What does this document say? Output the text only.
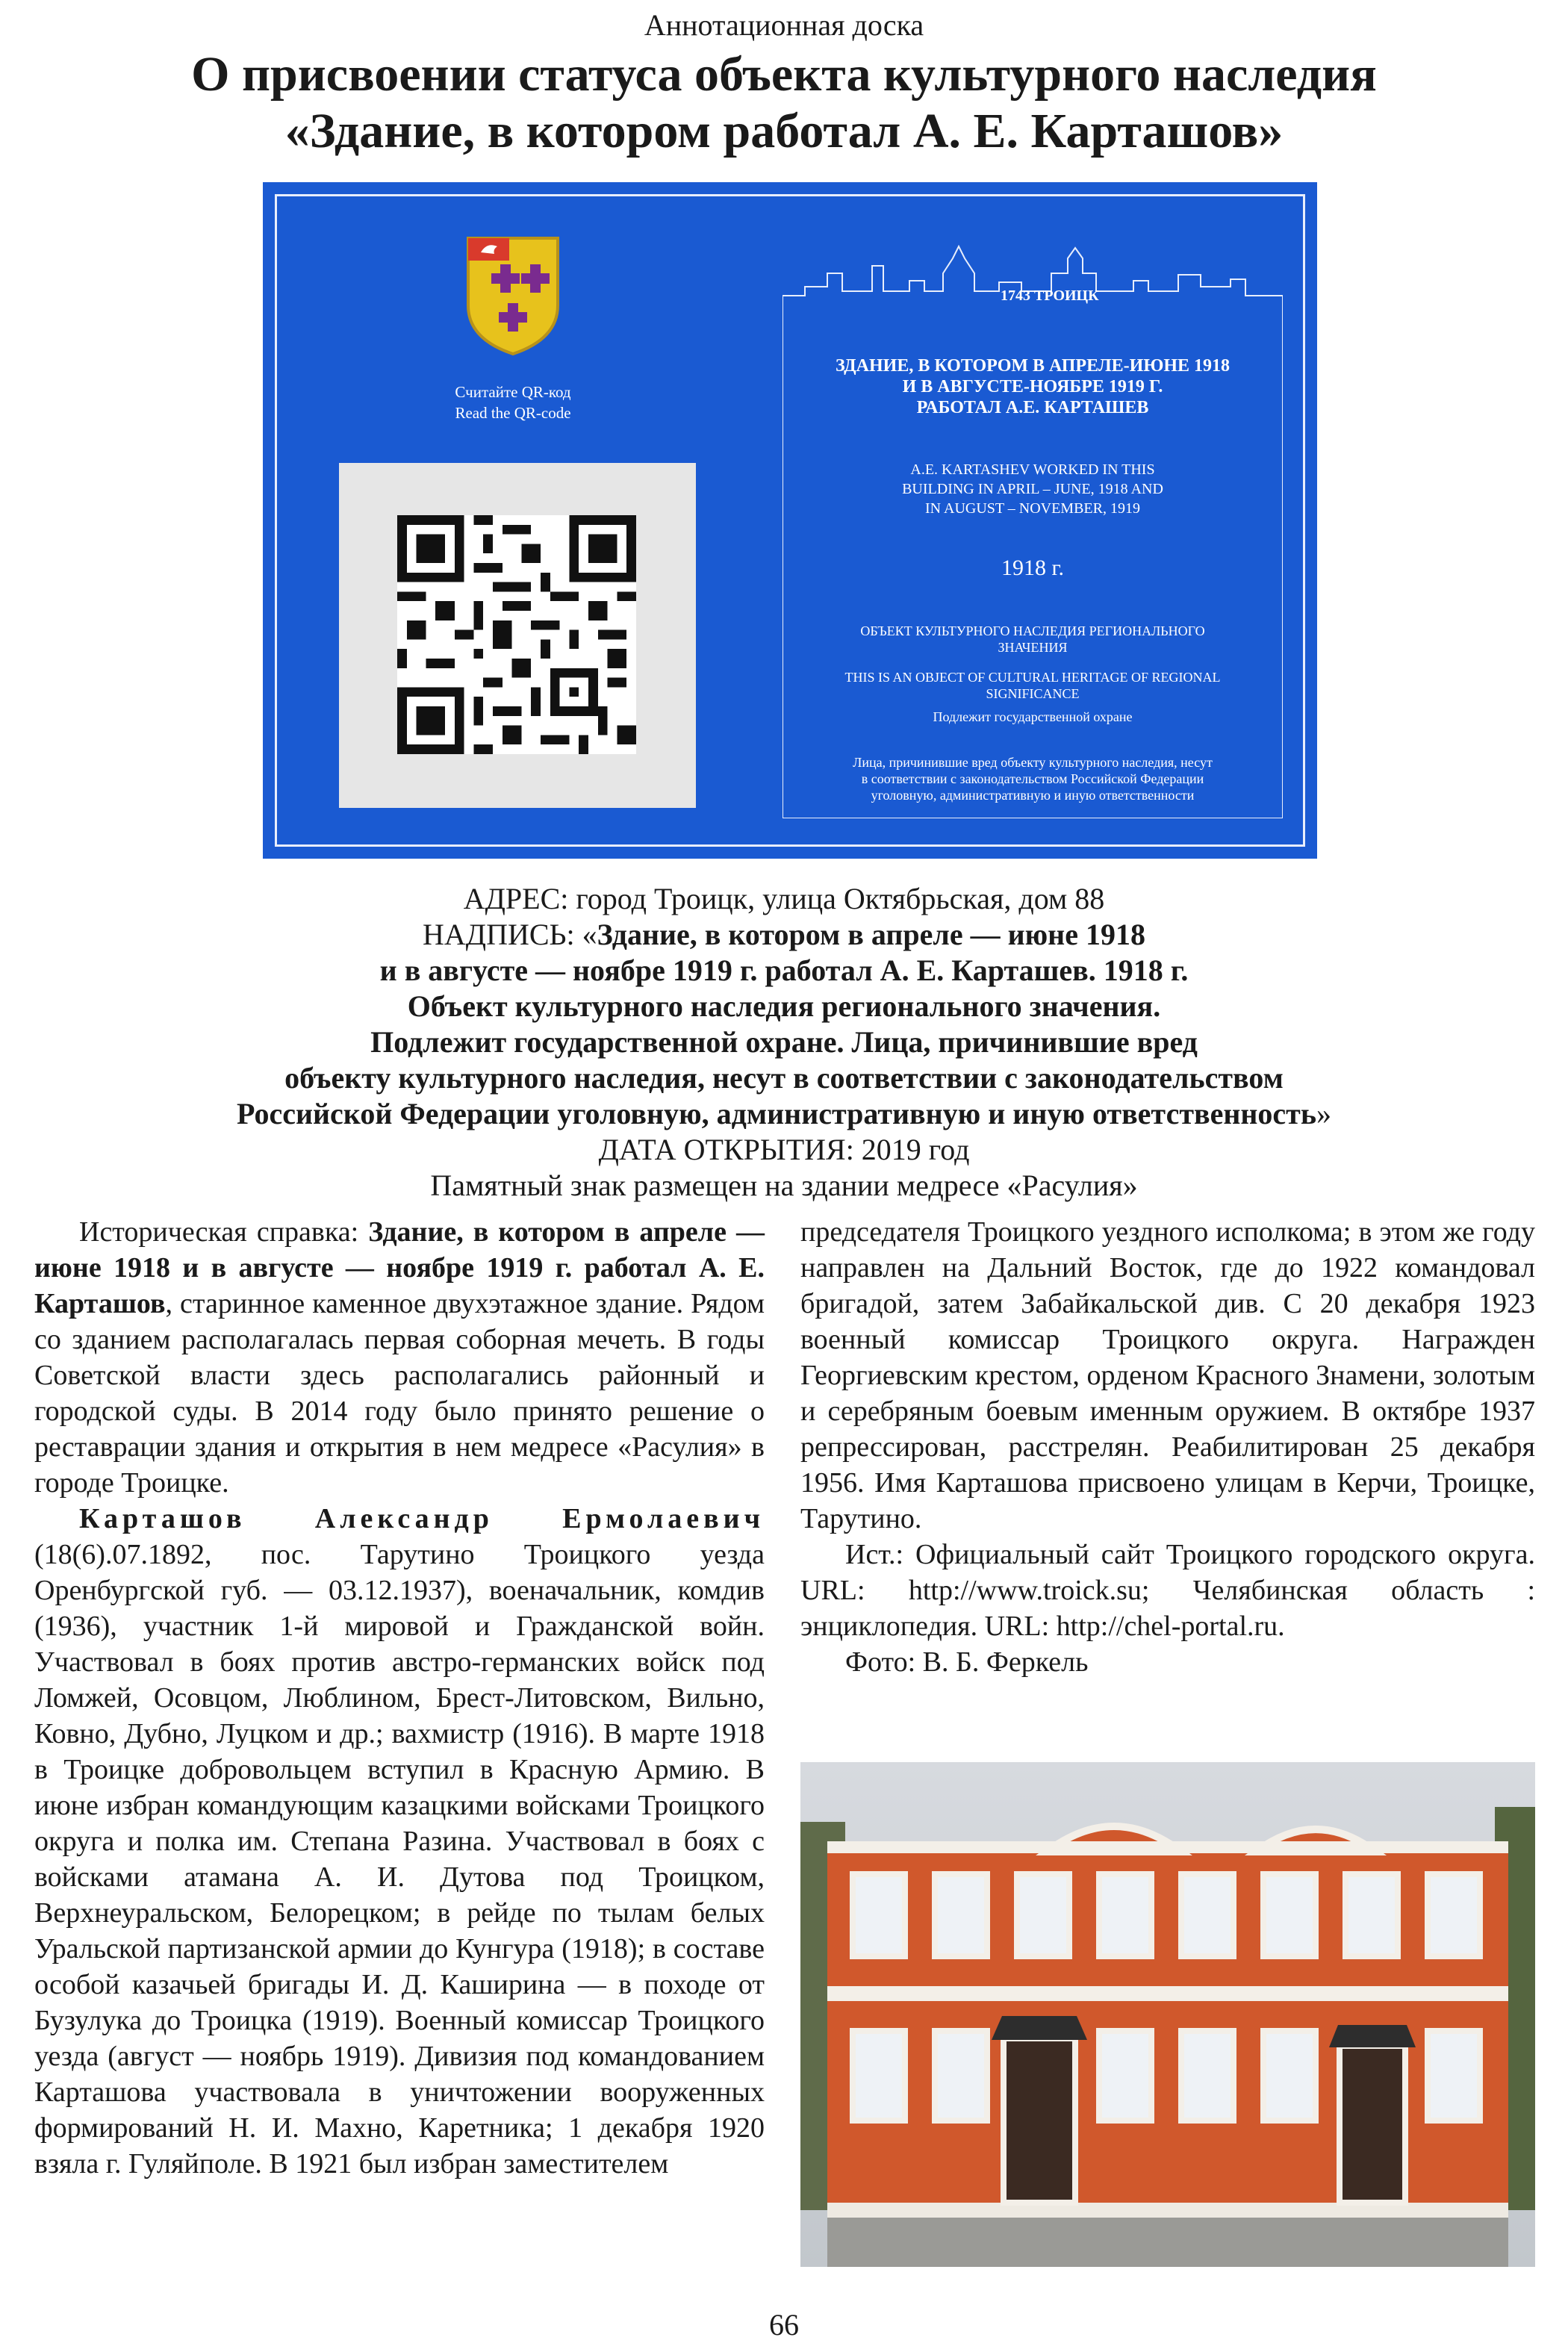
Аннотационная доска
О присвоении статуса объекта культурного наследия
«Здание, в котором работал А. Е. Карташов»
Считайте QR-код
Read the QR-code
1743 ТРОИЦК
ЗДАНИЕ, В КОТОРОМ В АПРЕЛЕ-ИЮНЕ 1918
И В АВГУСТЕ-НОЯБРЕ 1919 Г.
РАБОТАЛ А.Е. КАРТАШЕВ
A.E. KARTASHEV WORKED IN THIS
BUILDING IN APRIL – JUNE, 1918 AND
IN AUGUST – NOVEMBER, 1919
1918 г.
ОБЪЕКТ КУЛЬТУРНОГО НАСЛЕДИЯ РЕГИОНАЛЬНОГО
ЗНАЧЕНИЯ
THIS IS AN OBJECT OF CULTURAL HERITAGE OF REGIONAL
SIGNIFICANCE
Подлежит государственной охране
Лица, причинившие вред объекту культурного наследия, несут
в соответствии с законодательством Российской Федерации
уголовную, административную и иную ответственности
АДРЕС: город Троицк, улица Октябрьская, дом 88
НАДПИСЬ: «Здание, в котором в апреле — июне 1918
и в августе — ноябре 1919 г. работал А. Е. Карташев. 1918 г.
Объект культурного наследия регионального значения.
Подлежит государственной охране. Лица, причинившие вред
объекту культурного наследия, несут в соответствии с законодательством
Российской Федерации уголовную, административную и иную ответственность»
ДАТА ОТКРЫТИЯ: 2019 год
Памятный знак размещен на здании медресе «Расулия»

Историческая справка: Здание, в котором в апреле — июне 1918 и в августе — ноябре 1919 г. работал А. Е. Карташов, старинное каменное двухэтажное здание. Рядом со зданием располагалась первая соборная мечеть. В годы Советской власти здесь располагались районный и городской суды. В 2014 году было принято решение о реставрации здания и открытия в нем медресе «Расулия» в городе Троицке.

Карташов Александр Ермолаевич (18(6).07.1892, пос. Тарутино Троицкого уезда Оренбургской губ. — 03.12.1937), военачальник, комдив (1936), участник 1-й мировой и Гражданской войн. Участвовал в боях против австро-германских войск под Ломжей, Осовцом, Люблином, Брест-Литовском, Вильно, Ковно, Дубно, Луцком и др.; вахмистр (1916). В марте 1918 в Троицке добровольцем вступил в Красную Армию. В июне избран командующим казацкими войсками Троицкого округа и полка им. Степана Разина. Участвовал в боях с войсками атамана А. И. Дутова под Троицком, Верхнеуральском, Белорецком; в рейде по тылам белых Уральской партизанской армии до Кунгура (1918); в составе особой казачьей бригады И. Д. Каширина — в походе от Бузулука до Троицка (1919). Военный комиссар Троицкого уезда (август — ноябрь 1919). Дивизия под командованием Карташова участвовала в уничтожении вооруженных формирований Н. И. Махно, Каретника; 1 декабря 1920 взяла г. Гуляйполе. В 1921 был избран заместителем

председателя Троицкого уездного исполкома; в этом же году направлен на Дальний Восток, где до 1922 командовал бригадой, затем Забайкальской див. С 20 декабря 1923 военный комиссар Троицкого округа. Награжден Георгиевским крестом, орденом Красного Знамени, золотым и серебряным боевым именным оружием. В октябре 1937 репрессирован, расстрелян. Реабилитирован 25 декабря 1956. Имя Карташова присвоено улицам в Керчи, Троицке, Тарутино.

Ист.: Официальный сайт Троицкого городского округа. URL: http://www.troick.su; Челябинская область : энциклопедия. URL: http://chel-portal.ru.

Фото: В. Б. Феркель

66
